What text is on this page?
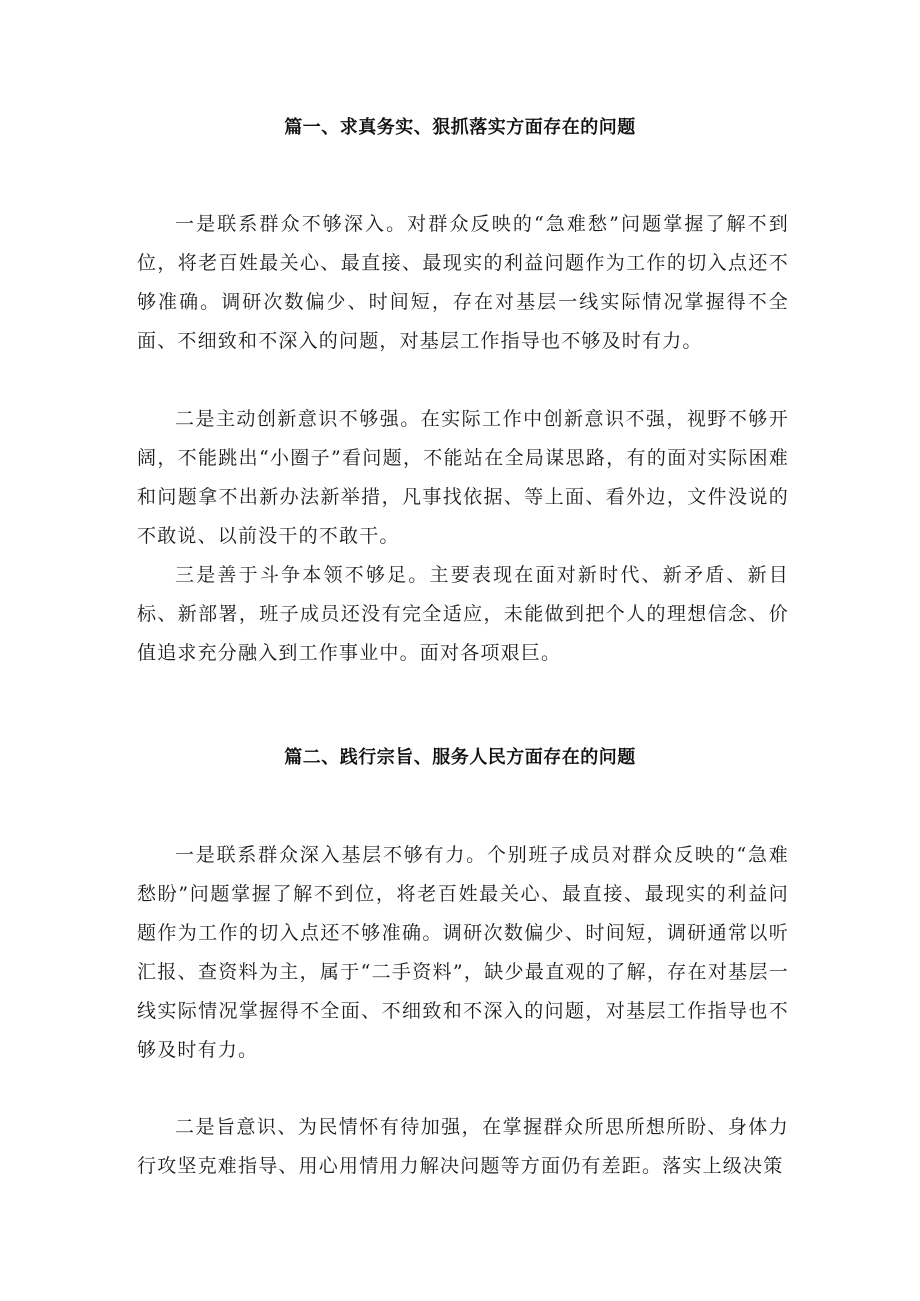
篇一、求真务实、狠抓落实方面存在的问题

一是联系群众不够深入。对群众反映的“急难愁”问题掌握了解不到位，将老百姓最关心、最直接、最现实的利益问题作为工作的切入点还不够准确。调研次数偏少、时间短，存在对基层一线实际情况掌握得不全面、不细致和不深入的问题，对基层工作指导也不够及时有力。

二是主动创新意识不够强。在实际工作中创新意识不强，视野不够开阔，不能跳出“小圈子”看问题，不能站在全局谋思路，有的面对实际困难和问题拿不出新办法新举措，凡事找依据、等上面、看外边，文件没说的不敢说、以前没干的不敢干。

三是善于斗争本领不够足。主要表现在面对新时代、新矛盾、新目标、新部署，班子成员还没有完全适应，未能做到把个人的理想信念、价值追求充分融入到工作事业中。面对各项艰巨。

篇二、践行宗旨、服务人民方面存在的问题

一是联系群众深入基层不够有力。个别班子成员对群众反映的“急难愁盼”问题掌握了解不到位，将老百姓最关心、最直接、最现实的利益问题作为工作的切入点还不够准确。调研次数偏少、时间短，调研通常以听汇报、查资料为主，属于“二手资料”，缺少最直观的了解，存在对基层一线实际情况掌握得不全面、不细致和不深入的问题，对基层工作指导也不够及时有力。

二是旨意识、为民情怀有待加强，在掌握群众所思所想所盼、身体力行攻坚克难指导、用心用情用力解决问题等方面仍有差距。落实上级决策
